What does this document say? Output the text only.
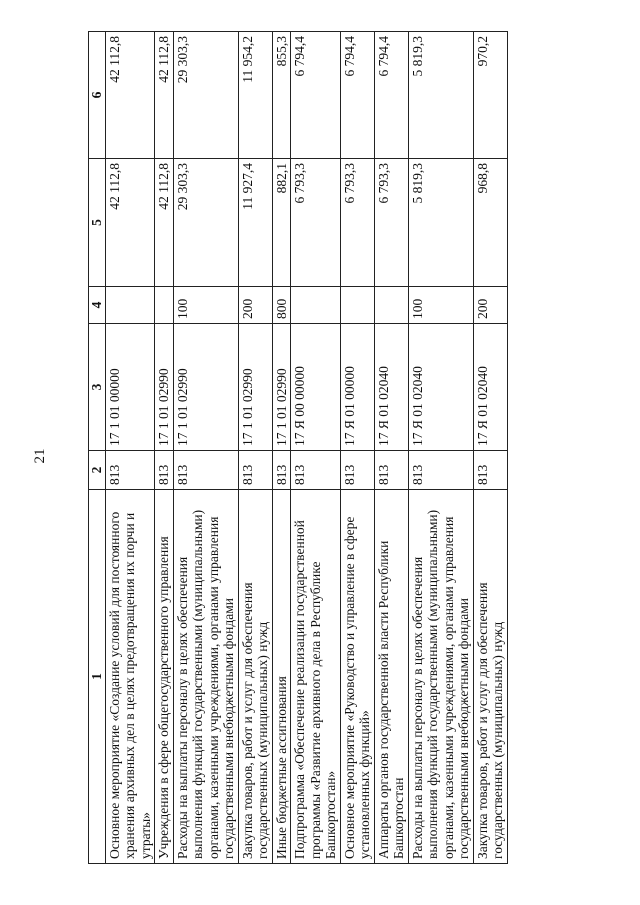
21
1	2	3	4	5	6
Основное мероприятие «Создание условий для постоянного хранения архивных дел в целях предотвращения их порчи и утраты»	813	17 1 01 00000		42 112,8	42 112,8
Учреждения в сфере общегосударственного управления	813	17 1 01 02990		42 112,8	42 112,8
Расходы на выплаты персоналу в целях обеспечения выполнения функций государственными (муниципальными) органами, казенными учреждениями, органами управления государственными внебюджетными фондами	813	17 1 01 02990	100	29 303,3	29 303,3
Закупка товаров, работ и услуг для обеспечения государственных (муниципальных) нужд	813	17 1 01 02990	200	11 927,4	11 954,2
Иные бюджетные ассигнования	813	17 1 01 02990	800	882,1	855,3
Подпрограмма «Обеспечение реализации государственной программы «Развитие архивного дела в Республике Башкортостан»	813	17 Я 00 00000		6 793,3	6 794,4
Основное мероприятие «Руководство и управление в сфере установленных функций»	813	17 Я 01 00000		6 793,3	6 794,4
Аппараты органов государственной власти Республики Башкортостан	813	17 Я 01 02040		6 793,3	6 794,4
Расходы на выплаты персоналу в целях обеспечения выполнения функций государственными (муниципальными) органами, казенными учреждениями, органами управления государственными внебюджетными фондами	813	17 Я 01 02040	100	5 819,3	5 819,3
Закупка товаров, работ и услуг для обеспечения государственных (муниципальных) нужд	813	17 Я 01 02040	200	968,8	970,2
